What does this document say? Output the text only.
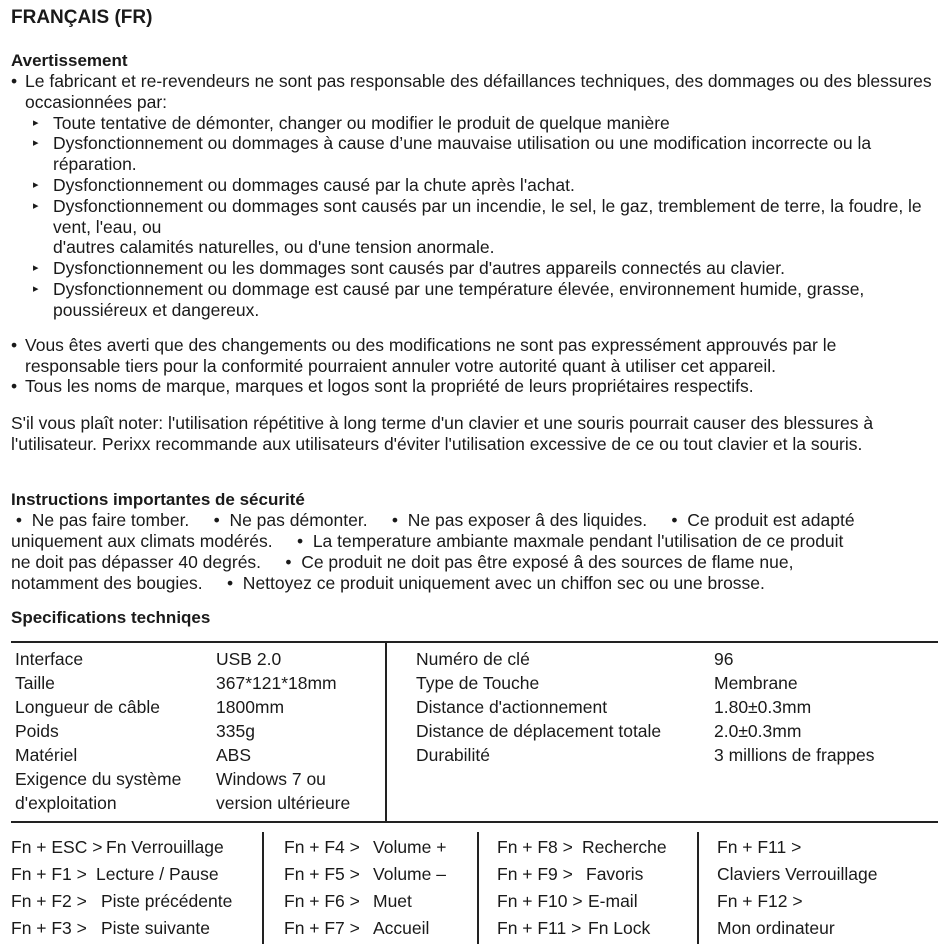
FRANÇAIS (FR)
Avertissement
• Le fabricant et re-revendeurs ne sont pas responsable des défaillances techniques, des dommages ou des blessures occasionnées par:
▸ Toute tentative de démonter, changer ou modifier le produit de quelque manière
▸ Dysfonctionnement ou dommages à cause d’une mauvaise utilisation ou une modification incorrecte ou la réparation.
▸ Dysfonctionnement ou dommages causé par la chute après l'achat.
▸ Dysfonctionnement ou dommages sont causés par un incendie, le sel, le gaz, tremblement de terre, la foudre, le vent, l'eau, ou
d'autres calamités naturelles, ou d'une tension anormale.
▸ Dysfonctionnement ou les dommages sont causés par d'autres appareils connectés au clavier.
▸ Dysfonctionnement ou dommage est causé par une température élevée, environnement humide, grasse, poussiéreux et dangereux.
• Vous êtes averti que des changements ou des modifications ne sont pas expressément approuvés par le responsable tiers pour la conformité pourraient annuler votre autorité quant à utiliser cet appareil.
• Tous les noms de marque, marques et logos sont la propriété de leurs propriétaires respectifs.
S'il vous plaît noter: l'utilisation répétitive à long terme d'un clavier et une souris pourrait causer des blessures à l'utilisateur. Perixx recommande aux utilisateurs d'éviter l'utilisation excessive de ce ou tout clavier et la souris.
Instructions importantes de sécurité
•  Ne pas faire tomber.     •  Ne pas démonter.     •  Ne pas exposer â des liquides.     •  Ce produit est adapté
uniquement aux climats modérés.     •  La temperature ambiante maxmale pendant l'utilisation de ce produit
ne doit pas dépasser 40 degrés.     •  Ce produit ne doit pas être exposé â des sources de flame nue,
notamment des bougies.     •  Nettoyez ce produit uniquement avec un chiffon sec ou une brosse.
Specifications techniqes
Interface
Taille
Longueur de câble
Poids
Matériel
Exigence du système
d'exploitation
USB 2.0
367*121*18mm
1800mm
335g
ABS
Windows 7 ou
version ultérieure
Numéro de clé
Type de Touche
Distance d'actionnement
Distance de déplacement totale
Durabilité
96
Membrane
1.80±0.3mm
2.0±0.3mm
3 millions de frappes
Fn + ESC > Fn Verrouillage
Fn + F1 > Lecture / Pause
Fn + F2 > Piste précédente
Fn + F3 > Piste suivante
Fn + F4 > Volume +
Fn + F5 > Volume –
Fn + F6 > Muet
Fn + F7 > Accueil
Fn + F8 > Recherche
Fn + F9 > Favoris
Fn + F10 > E-mail
Fn + F11 > Fn Lock
Fn + F11 >
Claviers Verrouillage
Fn + F12 >
Mon ordinateur
